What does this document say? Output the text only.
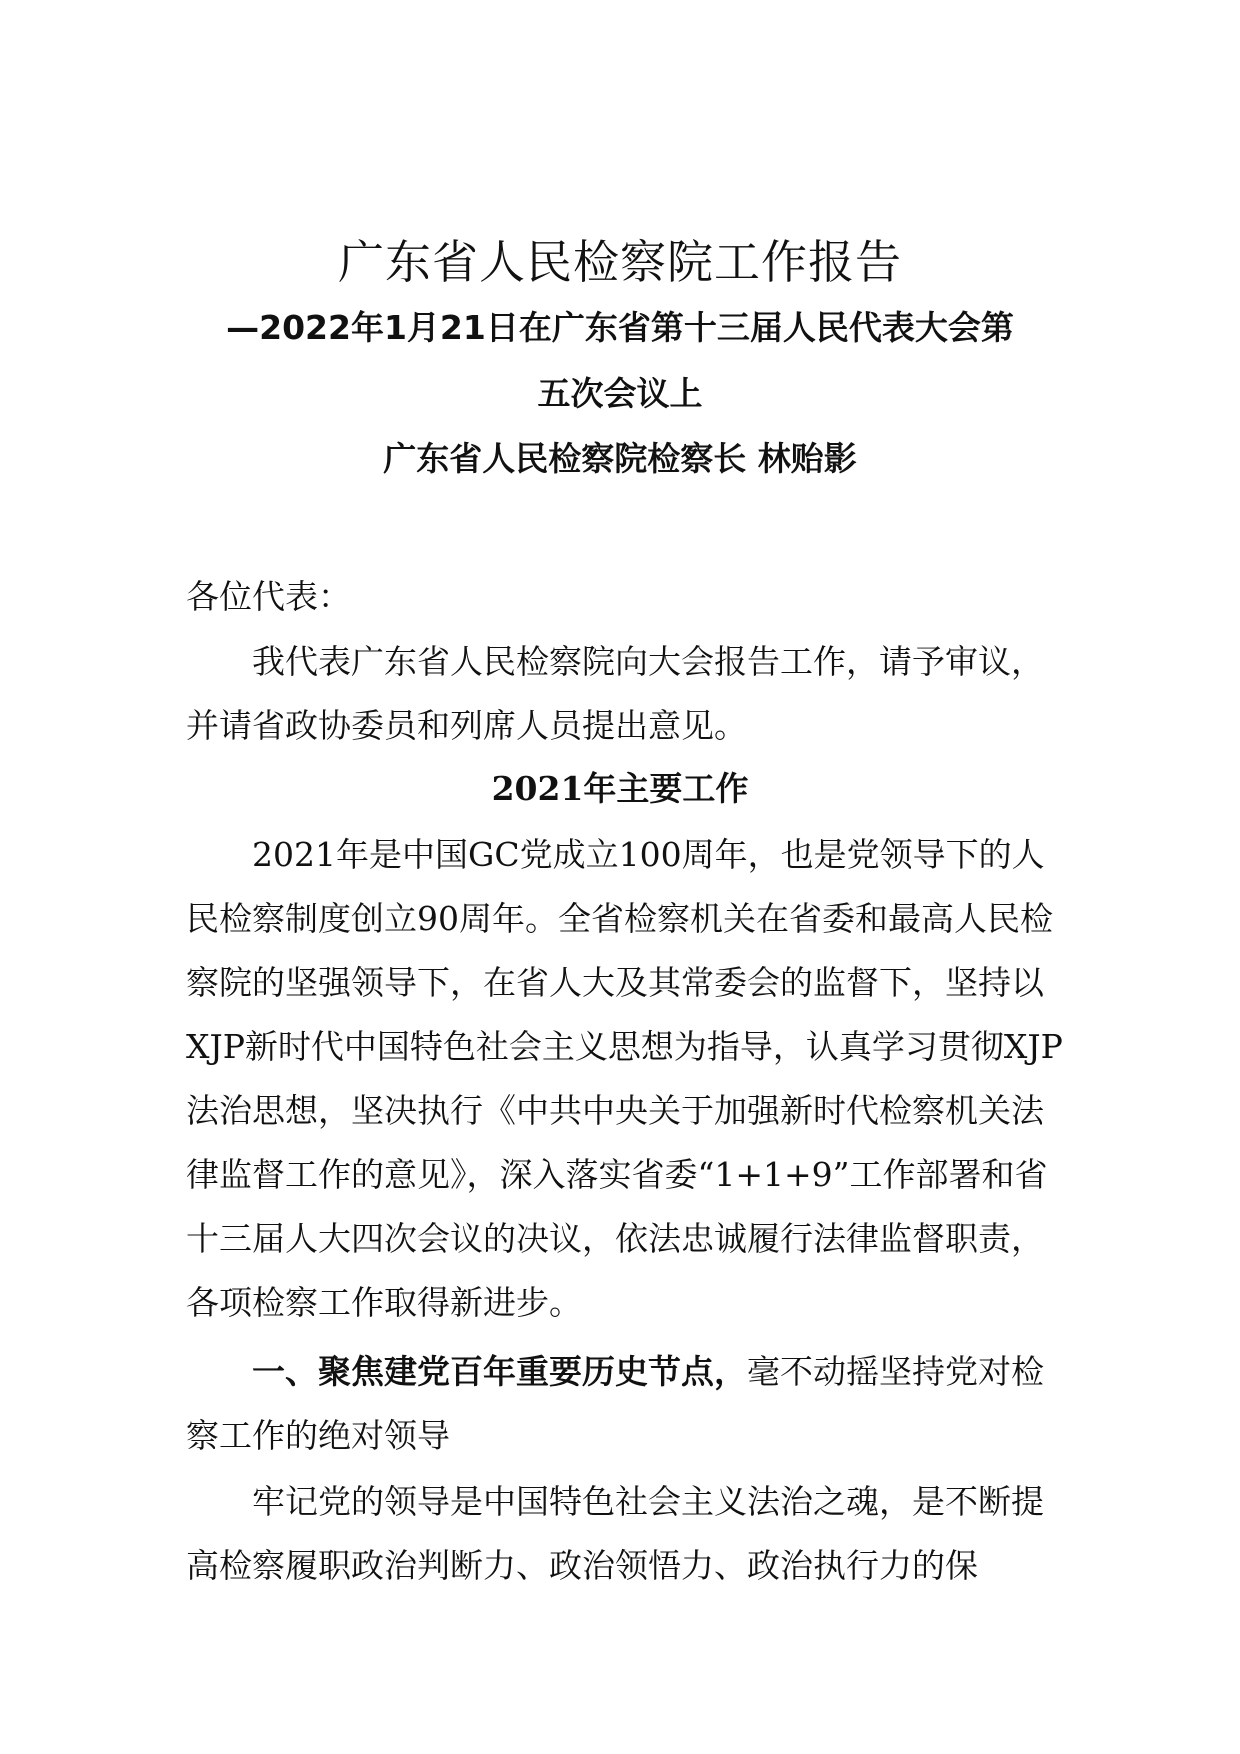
广东省人民检察院工作报告
—2022年1月21日在广东省第十三届人民代表大会第
五次会议上
广东省人民检察院检察长 林贻影
各位代表：
我代表广东省人民检察院向大会报告工作，请予审议，并请省政协委员和列席人员提出意见。
2021年主要工作
2021年是中国GC党成立100周年，也是党领导下的人民检察制度创立90周年。全省检察机关在省委和最高人民检察院的坚强领导下，在省人大及其常委会的监督下，坚持以XJP新时代中国特色社会主义思想为指导，认真学习贯彻XJP法治思想，坚决执行《中共中央关于加强新时代检察机关法律监督工作的意见》，深入落实省委“1+1+9”工作部署和省十三届人大四次会议的决议，依法忠诚履行法律监督职责，各项检察工作取得新进步。
一、聚焦建党百年重要历史节点，毫不动摇坚持党对检察工作的绝对领导
牢记党的领导是中国特色社会主义法治之魂，是不断提高检察履职政治判断力、政治领悟力、政治执行力的保
